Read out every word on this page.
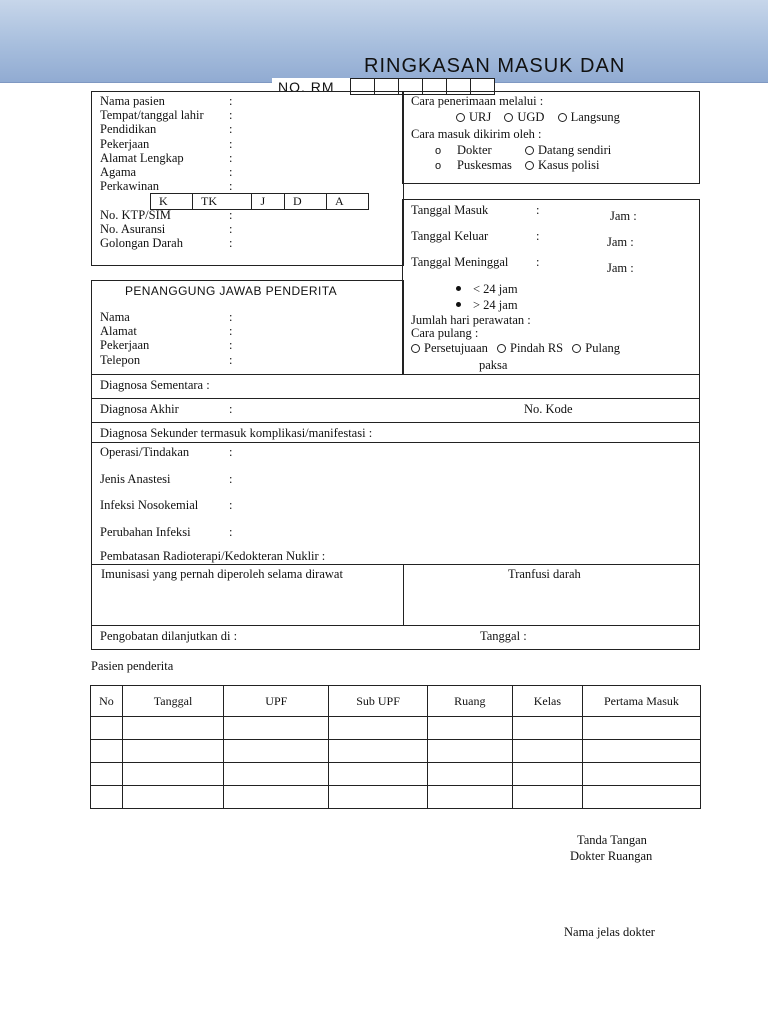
RINGKASAN MASUK DAN
NO. RM
Nama pasien	:
Tempat/tanggal lahir :
Pendidikan	:
Pekerjaan	:
Alamat Lengkap	:
Agama	:
Perkawinan	:
K	TK	J	D	A
No. KTP/SIM	:
No. Asuransi	:
Golongan Darah	:
Cara penerimaan melalui :
URJ UGD Langsung
Cara masuk dikirim oleh :
o Dokter	Datang sendiri
o Puskesmas	Kasus polisi
Tanggal Masuk	:	Jam :
Tanggal Keluar	:	Jam :
Tanggal Meninggal :	Jam :
< 24 jam
> 24 jam
Jumlah hari perawatan :
Cara pulang :
Persetujuaan Pindah RS Pulang
paksa
PENANGGUNG JAWAB PENDERITA
Nama	:
Alamat	:
Pekerjaan	:
Telepon	:
Diagnosa Sementara :
Diagnosa Akhir	:	No. Kode
Diagnosa Sekunder termasuk komplikasi/manifestasi :
Operasi/Tindakan	:
Jenis Anastesi	:
Infeksi Nosokemial :
Perubahan Infeksi	:
Pembatasan Radioterapi/Kedokteran Nuklir :
Imunisasi yang pernah diperoleh selama dirawat	Tranfusi darah
Pengobatan dilanjutkan di :	Tanggal :
Pasien penderita
No	Tanggal	UPF	Sub UPF	Ruang	Kelas	Pertama Masuk

Tanda Tangan
Dokter Ruangan
Nama jelas dokter
